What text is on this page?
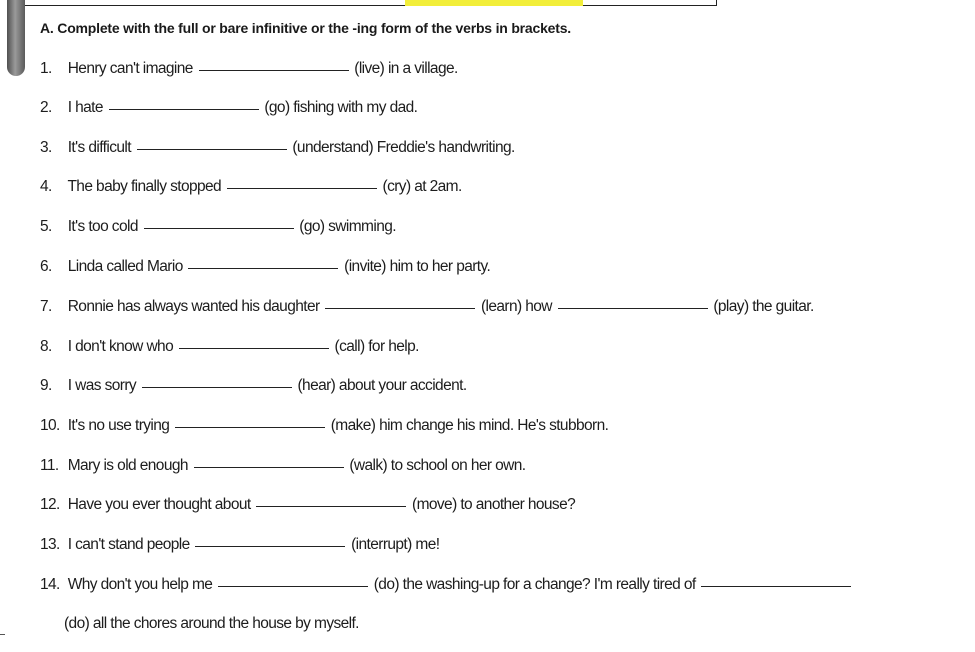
A. Complete with the full or bare infinitive or the -ing form of the verbs in brackets.
1. Henry can't imagine	(live) in a village.
2. I hate	(go) fishing with my dad.
3. It's difficult	(understand) Freddie's handwriting.
4. The baby finally stopped	(cry) at 2am.
5. It's too cold	(go) swimming.
6. Linda called Mario	(invite) him to her party.
7. Ronnie has always wanted his daughter	(learn) how	(play) the guitar.
8. I don't know who	(call) for help.
9. I was sorry	(hear) about your accident.
10. It's no use trying	(make) him change his mind. He's stubborn.
11. Mary is old enough	(walk) to school on her own.
12. Have you ever thought about	(move) to another house?
13. I can't stand people	(interrupt) me!
14. Why don't you help me	(do) the washing-up for a change? I'm really tired of
(do) all the chores around the house by myself.
